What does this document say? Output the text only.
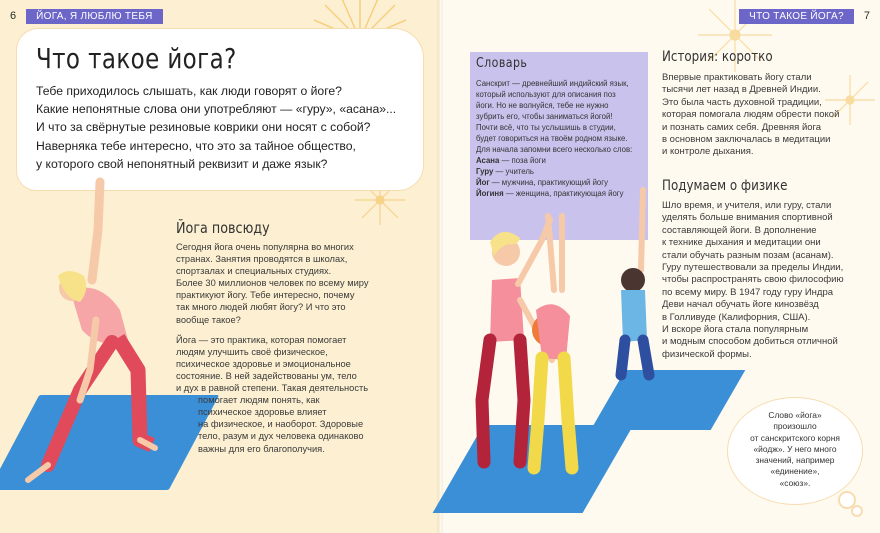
6	ЙОГА, Я ЛЮБЛЮ ТЕБЯ	ЧТО ТАКОЕ ЙОГА?	7
Что такое йога?
Тебе приходилось слышать, как люди говорят о йоге?
Какие непонятные слова они употребляют — «гуру», «асана»...
И что за свёрнутые резиновые коврики они носят с собой?
Наверняка тебе интересно, что это за тайное общество,
у которого свой непонятный реквизит и даже язык?
Йога повсюду

Сегодня йога очень популярна во многих

странах. Занятия проводятся в школах,

спортзалах и специальных студиях.

Более 30 миллионов человек по всему миру

практикуют йогу. Тебе интересно, почему

так много людей любят йогу? И что это

вообще такое?

Йога — это практика, которая помогает

людям улучшить своё физическое,

психическое здоровье и эмоциональное

состояние. В ней задействованы ум, тело

и дух в равной степени. Такая деятельность

помогает людям понять, как

психическое здоровье влияет

на физическое, и наоборот. Здоровые

тело, разум и дух человека одинаково

важны для его благополучия.

Словарь
Санскрит — древнейший индийский язык,
который используют для описания поз
йоги. Но не волнуйся, тебе не нужно
зубрить его, чтобы заниматься йогой!
Почти всё, что ты услышишь в студии,
будет говориться на твоём родном языке.
Для начала запомни всего несколько слов:
Асана — поза йоги
Гуру — учитель
Йог — мужчина, практикующий йогу
Йогиня — женщина, практикующая йогу
История: коротко
Впервые практиковать йогу стали
тысячи лет назад в Древней Индии.
Это была часть духовной традиции,
которая помогала людям обрести покой
и познать самих себя. Древняя йога
в основном заключалась в медитации
и контроле дыхания.
Подумаем о физике
Шло время, и учителя, или гуру, стали
уделять больше внимания спортивной
составляющей йоги. В дополнение
к технике дыхания и медитации они
стали обучать разным позам (асанам).
Гуру путешествовали за пределы Индии,
чтобы распространять свою философию
по всему миру. В 1947 году гуру Индра
Деви начал обучать йоге кинозвёзд
в Голливуде (Калифорния, США).
И вскоре йога стала популярным
и модным способом добиться отличной
физической формы.
Слово «йога»
произошло
от санскритского корня
«йодж». У него много
значений, например
«единение»,
«союз».
